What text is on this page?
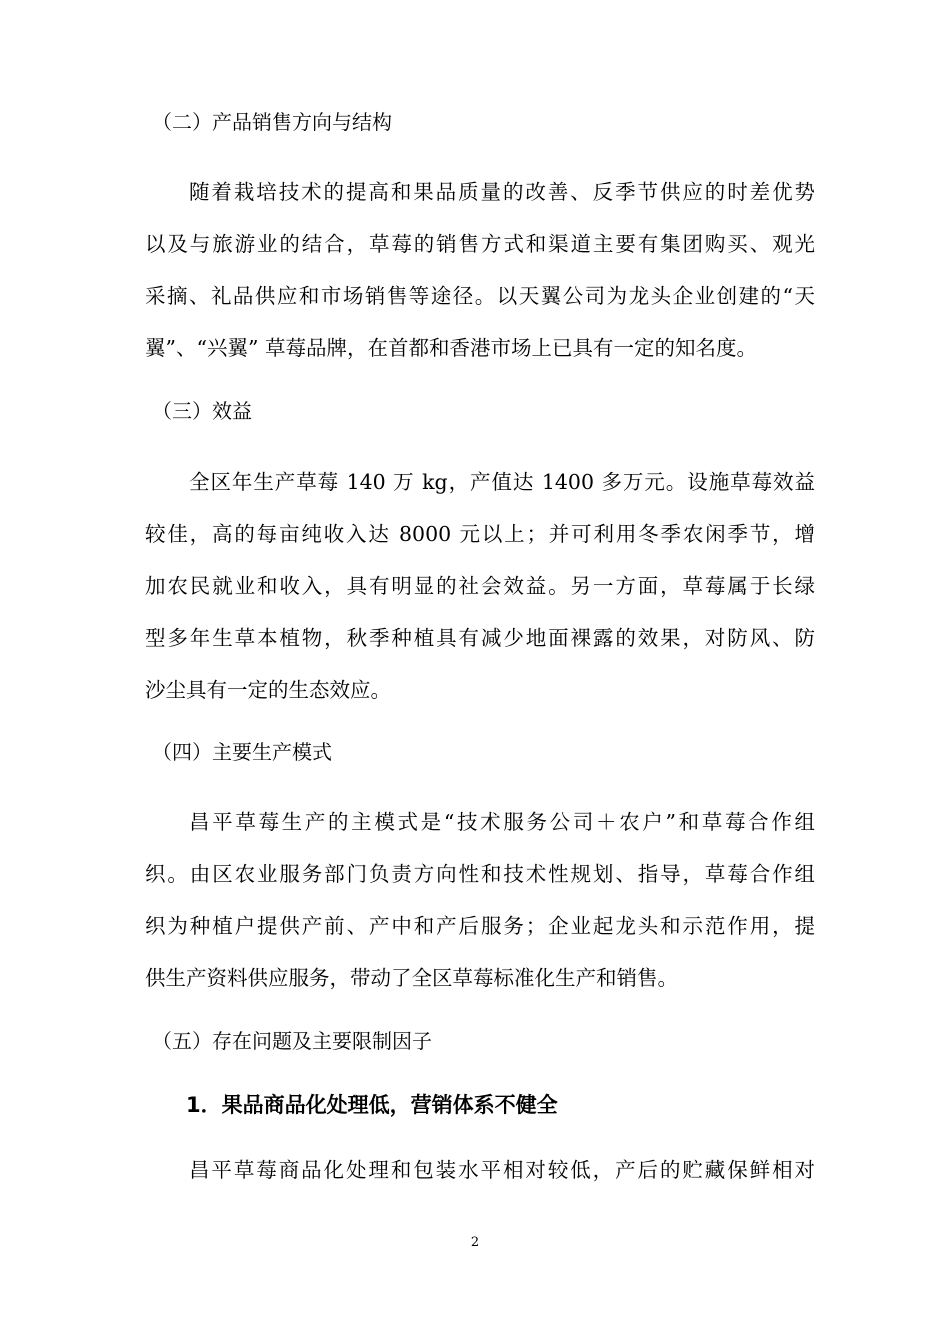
（二）产品销售方向与结构
随着栽培技术的提高和果品质量的改善、反季节供应的时差优势
以及与旅游业的结合，草莓的销售方式和渠道主要有集团购买、观光
采摘、礼品供应和市场销售等途径。以天翼公司为龙头企业创建的“天
翼”、“兴翼” 草莓品牌，在首都和香港市场上已具有一定的知名度。
（三）效益
全区年生产草莓 140 万 kg，产值达 1400 多万元。设施草莓效益
较佳，高的每亩纯收入达 8000 元以上；并可利用冬季农闲季节，增
加农民就业和收入，具有明显的社会效益。另一方面，草莓属于长绿
型多年生草本植物，秋季种植具有减少地面裸露的效果，对防风、防
沙尘具有一定的生态效应。
（四）主要生产模式
昌平草莓生产的主模式是“技术服务公司＋农户”和草莓合作组
织。由区农业服务部门负责方向性和技术性规划、指导，草莓合作组
织为种植户提供产前、产中和产后服务；企业起龙头和示范作用，提
供生产资料供应服务，带动了全区草莓标准化生产和销售。
（五）存在问题及主要限制因子
1．果品商品化处理低，营销体系不健全
昌平草莓商品化处理和包装水平相对较低，产后的贮藏保鲜相对
2
